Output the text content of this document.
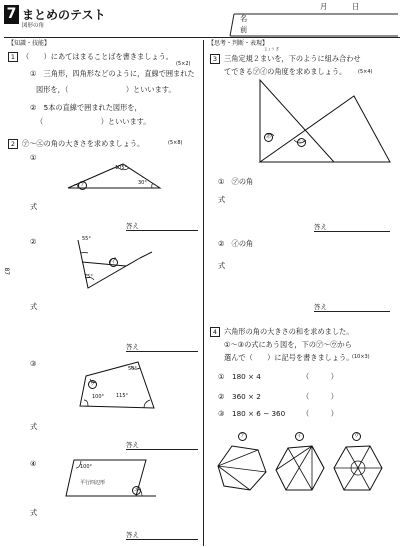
7 まとめのテスト
図形の角
月	日
名
前
87
【知識・技能】
1 （　　）にあてはまることばを書きましょう。
(5×2)
①　三角形，四角形などのように，直線で囲まれた
図形を，（　　　　　　　　）といいます。
②　5本の直線で囲まれた図形を，
（　　　　　　　　）といいます。
2 ㋐〜㋓の角の大きさを求めましょう。	(5×8)
①
105°
30°
ア
式
答え
②	55°
75°
イ
式
答え
③
50°
100° 115°
ウ
式
答え
④	100°
平行四辺形
エ
式
答え
【思考・判断・表現】
3
じょう ぎ
三角定規２まいを，下のように組み合わせ
てできる㋐㋑の角度を求めましょう。 (5×4)
あ
い
①　㋐の角
式
答え
②　㋑の角
式
答え
4 六角形の角の大きさの和を求めました。
①〜③の式にあう図を，下の㋐〜㋒から
選んで（　　）に記号を書きましょう。
(10×3)
① 180 × 4	（　　　）
② 360 × 2	（　　　）
③ 180 × 6 − 360 （　　　）
ア	イ	ウ
